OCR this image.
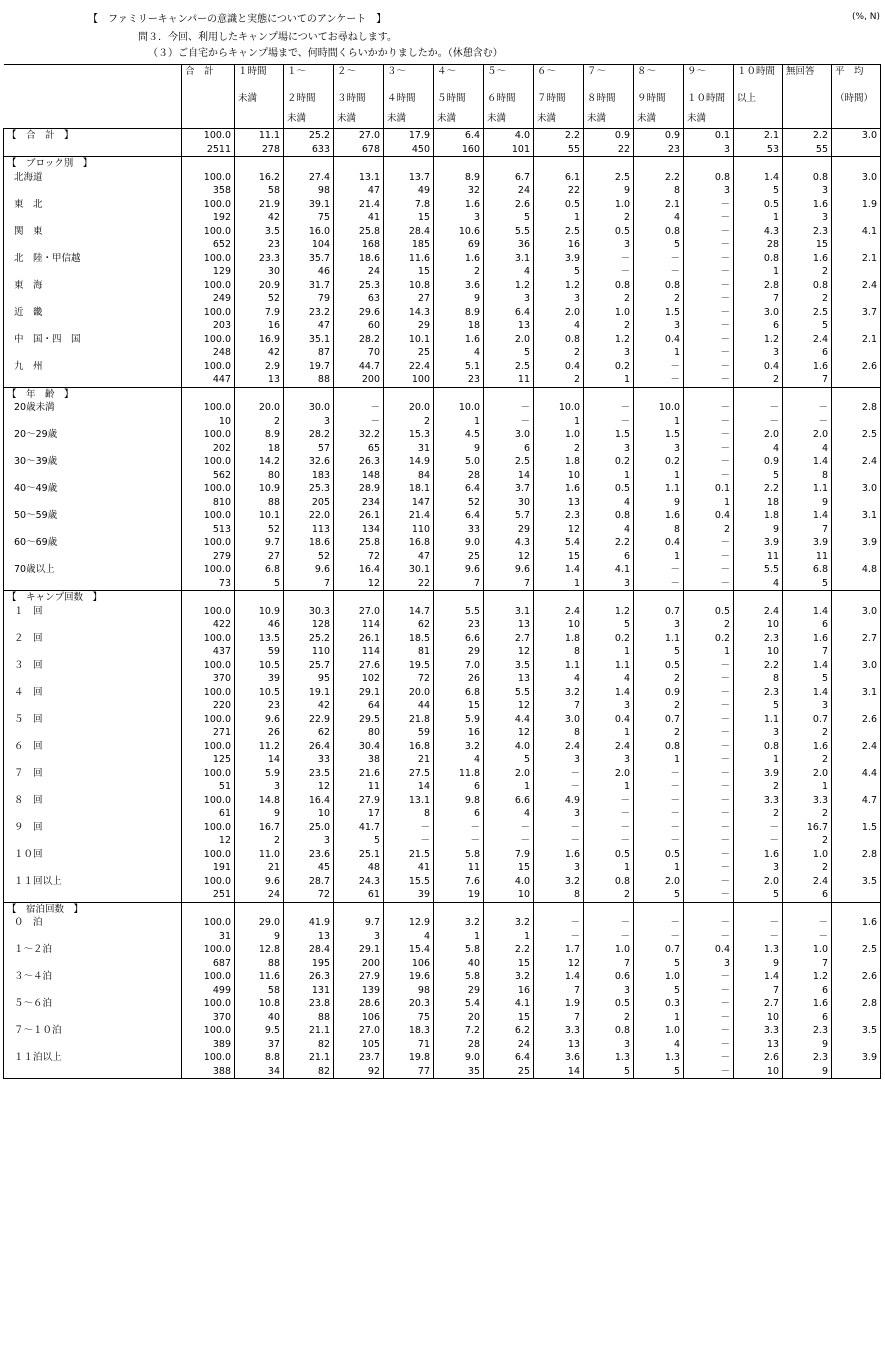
【　ファミリーキャンパーの意識と実態についてのアンケート　】	(%, N)
問３．今回、利用したキャンプ場についてお尋ねします。
（３）ご自宅からキャンプ場まで、何時間くらいかかりましたか。（休憩含む）
	合　計	１時間	１～	２～	３～	４～	５～	６～	７～	８～	９～	１０時間	無回答	平　均
		未満	２時間	３時間	４時間	５時間	６時間	７時間	８時間	９時間	１０時間	以上		（時間）
			未満	未満	未満	未満	未満	未満	未満	未満	未満			
【　合　計　】	100.0	11.1	25.2	27.0	17.9	6.4	4.0	2.2	0.9	0.9	0.1	2.1	2.2	3.0
	2511	278	633	678	450	160	101	55	22	23	3	53	55	
【　ブロック別　】														
北海道	100.0	16.2	27.4	13.1	13.7	8.9	6.7	6.1	2.5	2.2	0.8	1.4	0.8	3.0
	358	58	98	47	49	32	24	22	9	8	3	5	3	
東　北	100.0	21.9	39.1	21.4	7.8	1.6	2.6	0.5	1.0	2.1	－	0.5	1.6	1.9
	192	42	75	41	15	3	5	1	2	4	－	1	3	
関　東	100.0	3.5	16.0	25.8	28.4	10.6	5.5	2.5	0.5	0.8	－	4.3	2.3	4.1
	652	23	104	168	185	69	36	16	3	5	－	28	15	
北　陸・甲信越	100.0	23.3	35.7	18.6	11.6	1.6	3.1	3.9	－	－	－	0.8	1.6	2.1
	129	30	46	24	15	2	4	5	－	－	－	1	2	
東　海	100.0	20.9	31.7	25.3	10.8	3.6	1.2	1.2	0.8	0.8	－	2.8	0.8	2.4
	249	52	79	63	27	9	3	3	2	2	－	7	2	
近　畿	100.0	7.9	23.2	29.6	14.3	8.9	6.4	2.0	1.0	1.5	－	3.0	2.5	3.7
	203	16	47	60	29	18	13	4	2	3	－	6	5	
中　国・四　国	100.0	16.9	35.1	28.2	10.1	1.6	2.0	0.8	1.2	0.4	－	1.2	2.4	2.1
	248	42	87	70	25	4	5	2	3	1	－	3	6	
九　州	100.0	2.9	19.7	44.7	22.4	5.1	2.5	0.4	0.2	－	－	0.4	1.6	2.6
	447	13	88	200	100	23	11	2	1	－	－	2	7	
【　年　齢　】														
20歳未満	100.0	20.0	30.0	－	20.0	10.0	－	10.0	－	10.0	－	－	－	2.8
	10	2	3	－	2	1	－	1	－	1	－	－	－	
20～29歳	100.0	8.9	28.2	32.2	15.3	4.5	3.0	1.0	1.5	1.5	－	2.0	2.0	2.5
	202	18	57	65	31	9	6	2	3	3	－	4	4	
30～39歳	100.0	14.2	32.6	26.3	14.9	5.0	2.5	1.8	0.2	0.2	－	0.9	1.4	2.4
	562	80	183	148	84	28	14	10	1	1	－	5	8	
40～49歳	100.0	10.9	25.3	28.9	18.1	6.4	3.7	1.6	0.5	1.1	0.1	2.2	1.1	3.0
	810	88	205	234	147	52	30	13	4	9	1	18	9	
50～59歳	100.0	10.1	22.0	26.1	21.4	6.4	5.7	2.3	0.8	1.6	0.4	1.8	1.4	3.1
	513	52	113	134	110	33	29	12	4	8	2	9	7	
60～69歳	100.0	9.7	18.6	25.8	16.8	9.0	4.3	5.4	2.2	0.4	－	3.9	3.9	3.9
	279	27	52	72	47	25	12	15	6	1	－	11	11	
70歳以上	100.0	6.8	9.6	16.4	30.1	9.6	9.6	1.4	4.1	－	－	5.5	6.8	4.8
	73	5	7	12	22	7	7	1	3	－	－	4	5	
【　キャンプ回数　】														
１　回	100.0	10.9	30.3	27.0	14.7	5.5	3.1	2.4	1.2	0.7	0.5	2.4	1.4	3.0
	422	46	128	114	62	23	13	10	5	3	2	10	6	
２　回	100.0	13.5	25.2	26.1	18.5	6.6	2.7	1.8	0.2	1.1	0.2	2.3	1.6	2.7
	437	59	110	114	81	29	12	8	1	5	1	10	7	
３　回	100.0	10.5	25.7	27.6	19.5	7.0	3.5	1.1	1.1	0.5	－	2.2	1.4	3.0
	370	39	95	102	72	26	13	4	4	2	－	8	5	
４　回	100.0	10.5	19.1	29.1	20.0	6.8	5.5	3.2	1.4	0.9	－	2.3	1.4	3.1
	220	23	42	64	44	15	12	7	3	2	－	5	3	
５　回	100.0	9.6	22.9	29.5	21.8	5.9	4.4	3.0	0.4	0.7	－	1.1	0.7	2.6
	271	26	62	80	59	16	12	8	1	2	－	3	2	
６　回	100.0	11.2	26.4	30.4	16.8	3.2	4.0	2.4	2.4	0.8	－	0.8	1.6	2.4
	125	14	33	38	21	4	5	3	3	1	－	1	2	
７　回	100.0	5.9	23.5	21.6	27.5	11.8	2.0	－	2.0	－	－	3.9	2.0	4.4
	51	3	12	11	14	6	1	－	1	－	－	2	1	
８　回	100.0	14.8	16.4	27.9	13.1	9.8	6.6	4.9	－	－	－	3.3	3.3	4.7
	61	9	10	17	8	6	4	3	－	－	－	2	2	
９　回	100.0	16.7	25.0	41.7	－	－	－	－	－	－	－	－	16.7	1.5
	12	2	3	5	－	－	－	－	－	－	－	－	2	
１０回	100.0	11.0	23.6	25.1	21.5	5.8	7.9	1.6	0.5	0.5	－	1.6	1.0	2.8
	191	21	45	48	41	11	15	3	1	1	－	3	2	
１１回以上	100.0	9.6	28.7	24.3	15.5	7.6	4.0	3.2	0.8	2.0	－	2.0	2.4	3.5
	251	24	72	61	39	19	10	8	2	5	－	5	6	
【　宿泊回数　】														
０　泊	100.0	29.0	41.9	9.7	12.9	3.2	3.2	－	－	－	－	－	－	1.6
	31	9	13	3	4	1	1	－	－	－	－	－	－	
１～２泊	100.0	12.8	28.4	29.1	15.4	5.8	2.2	1.7	1.0	0.7	0.4	1.3	1.0	2.5
	687	88	195	200	106	40	15	12	7	5	3	9	7	
３～４泊	100.0	11.6	26.3	27.9	19.6	5.8	3.2	1.4	0.6	1.0	－	1.4	1.2	2.6
	499	58	131	139	98	29	16	7	3	5	－	7	6	
５～６泊	100.0	10.8	23.8	28.6	20.3	5.4	4.1	1.9	0.5	0.3	－	2.7	1.6	2.8
	370	40	88	106	75	20	15	7	2	1	－	10	6	
７～１０泊	100.0	9.5	21.1	27.0	18.3	7.2	6.2	3.3	0.8	1.0	－	3.3	2.3	3.5
	389	37	82	105	71	28	24	13	3	4	－	13	9	
１１泊以上	100.0	8.8	21.1	23.7	19.8	9.0	6.4	3.6	1.3	1.3	－	2.6	2.3	3.9
	388	34	82	92	77	35	25	14	5	5	－	10	9	
